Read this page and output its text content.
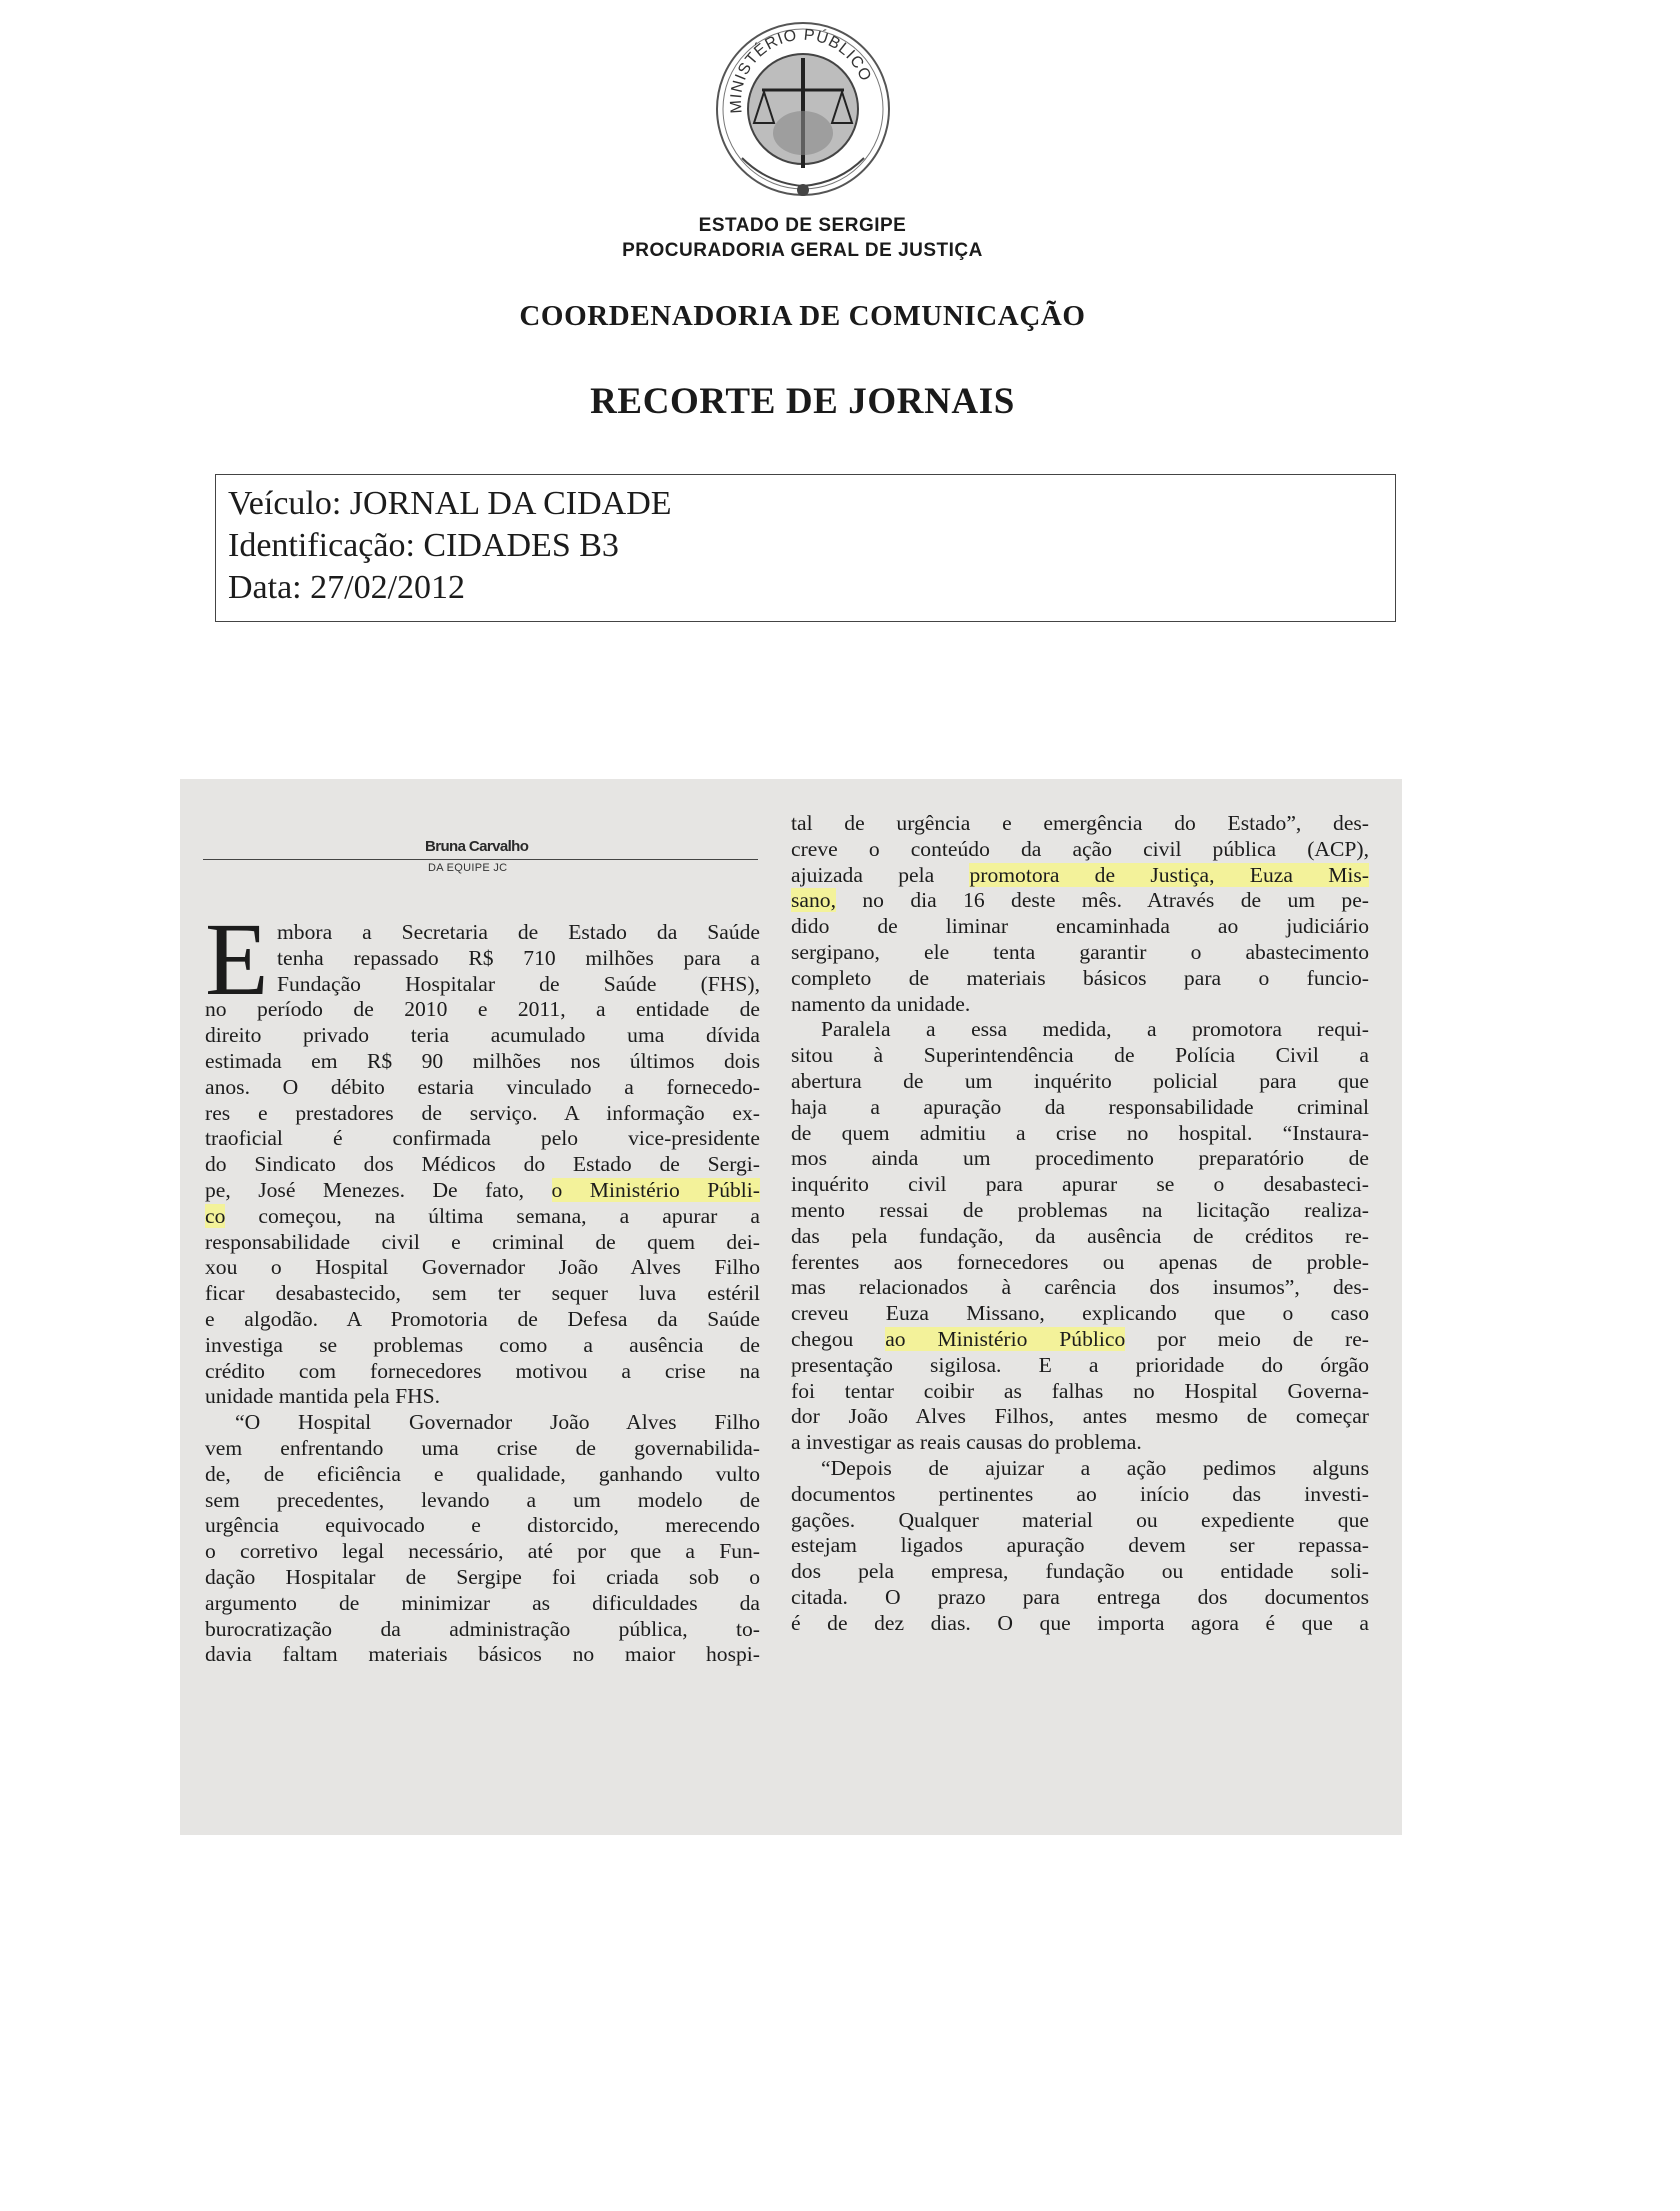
MINISTÉRIO PÚBLICO
ESTADO DE SERGIPE
PROCURADORIA GERAL DE JUSTIÇA
COORDENADORIA DE COMUNICAÇÃO
RECORTE DE JORNAIS
Veículo: JORNAL DA CIDADE
Identificação: CIDADES B3
Data: 27/02/2012
Bruna Carvalho
DA EQUIPE JC
E mbora a Secretaria de Estado da Saúde
tenha repassado R$ 710 milhões para a
Fundação Hospitalar de Saúde (FHS),
no período de 2010 e 2011, a entidade de
direito privado teria acumulado uma dívida
estimada em R$ 90 milhões nos últimos dois
anos. O débito estaria vinculado a fornecedo-
res e prestadores de serviço. A informação ex-
traoficial é confirmada pelo vice-presidente
do Sindicato dos Médicos do Estado de Sergi-
pe, José Menezes. De fato, o Ministério Públi-
co começou, na última semana, a apurar a
responsabilidade civil e criminal de quem dei-
xou o Hospital Governador João Alves Filho
ficar desabastecido, sem ter sequer luva estéril
e algodão. A Promotoria de Defesa da Saúde
investiga se problemas como a ausência de
crédito com fornecedores motivou a crise na
unidade mantida pela FHS.
“O Hospital Governador João Alves Filho
vem enfrentando uma crise de governabilida-
de, de eficiência e qualidade, ganhando vulto
sem precedentes, levando a um modelo de
urgência equivocado e distorcido, merecendo
o corretivo legal necessário, até por que a Fun-
dação Hospitalar de Sergipe foi criada sob o
argumento de minimizar as dificuldades da
burocratização da administração pública, to-
davia faltam materiais básicos no maior hospi-
tal de urgência e emergência do Estado”, des-
creve o conteúdo da ação civil pública (ACP),
ajuizada pela promotora de Justiça, Euza Mis-
sano, no dia 16 deste mês. Através de um pe-
dido de liminar encaminhada ao judiciário
sergipano, ele tenta garantir o abastecimento
completo de materiais básicos para o funcio-
namento da unidade.
Paralela a essa medida, a promotora requi-
sitou à Superintendência de Polícia Civil a
abertura de um inquérito policial para que
haja a apuração da responsabilidade criminal
de quem admitiu a crise no hospital. “Instaura-
mos ainda um procedimento preparatório de
inquérito civil para apurar se o desabasteci-
mento ressai de problemas na licitação realiza-
das pela fundação, da ausência de créditos re-
ferentes aos fornecedores ou apenas de proble-
mas relacionados à carência dos insumos”, des-
creveu Euza Missano, explicando que o caso
chegou ao Ministério Público por meio de re-
presentação sigilosa. E a prioridade do órgão
foi tentar coibir as falhas no Hospital Governa-
dor João Alves Filhos, antes mesmo de começar
a investigar as reais causas do problema.
“Depois de ajuizar a ação pedimos alguns
documentos pertinentes ao início das investi-
gações. Qualquer material ou expediente que
estejam ligados apuração devem ser repassa-
dos pela empresa, fundação ou entidade soli-
citada. O prazo para entrega dos documentos
é de dez dias. O que importa agora é que a
